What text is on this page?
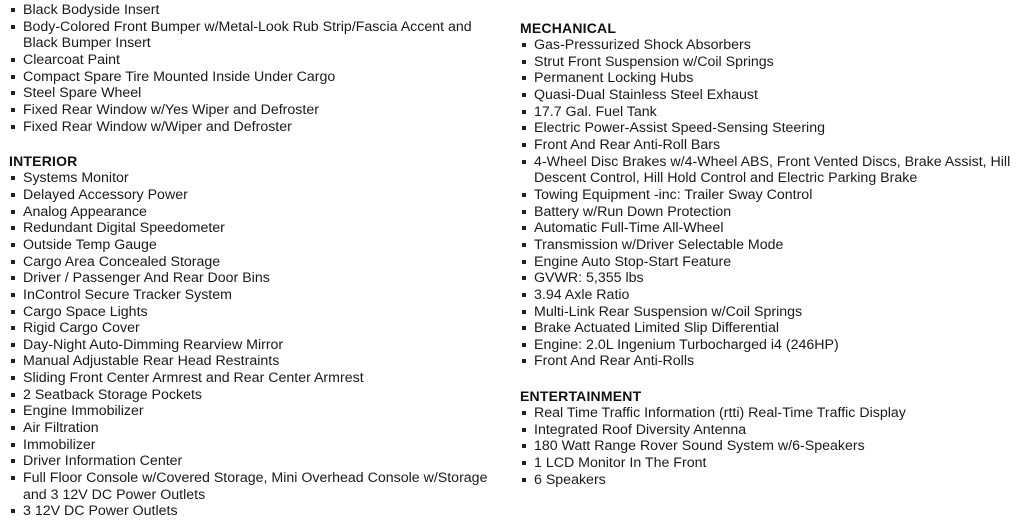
Black Bodyside Insert
Body-Colored Front Bumper w/Metal-Look Rub Strip/Fascia Accent and Black Bumper Insert
Clearcoat Paint
Compact Spare Tire Mounted Inside Under Cargo
Steel Spare Wheel
Fixed Rear Window w/Yes Wiper and Defroster
Fixed Rear Window w/Wiper and Defroster
INTERIOR
Systems Monitor
Delayed Accessory Power
Analog Appearance
Redundant Digital Speedometer
Outside Temp Gauge
Cargo Area Concealed Storage
Driver / Passenger And Rear Door Bins
InControl Secure Tracker System
Cargo Space Lights
Rigid Cargo Cover
Day-Night Auto-Dimming Rearview Mirror
Manual Adjustable Rear Head Restraints
Sliding Front Center Armrest and Rear Center Armrest
2 Seatback Storage Pockets
Engine Immobilizer
Air Filtration
Immobilizer
Driver Information Center
Full Floor Console w/Covered Storage, Mini Overhead Console w/Storage and 3 12V DC Power Outlets
3 12V DC Power Outlets
MECHANICAL
Gas-Pressurized Shock Absorbers
Strut Front Suspension w/Coil Springs
Permanent Locking Hubs
Quasi-Dual Stainless Steel Exhaust
17.7 Gal. Fuel Tank
Electric Power-Assist Speed-Sensing Steering
Front And Rear Anti-Roll Bars
4-Wheel Disc Brakes w/4-Wheel ABS, Front Vented Discs, Brake Assist, Hill Descent Control, Hill Hold Control and Electric Parking Brake
Towing Equipment -inc: Trailer Sway Control
Battery w/Run Down Protection
Automatic Full-Time All-Wheel
Transmission w/Driver Selectable Mode
Engine Auto Stop-Start Feature
GVWR: 5,355 lbs
3.94 Axle Ratio
Multi-Link Rear Suspension w/Coil Springs
Brake Actuated Limited Slip Differential
Engine: 2.0L Ingenium Turbocharged i4 (246HP)
Front And Rear Anti-Rolls
ENTERTAINMENT
Real Time Traffic Information (rtti) Real-Time Traffic Display
Integrated Roof Diversity Antenna
180 Watt Range Rover Sound System w/6-Speakers
1 LCD Monitor In The Front
6 Speakers
